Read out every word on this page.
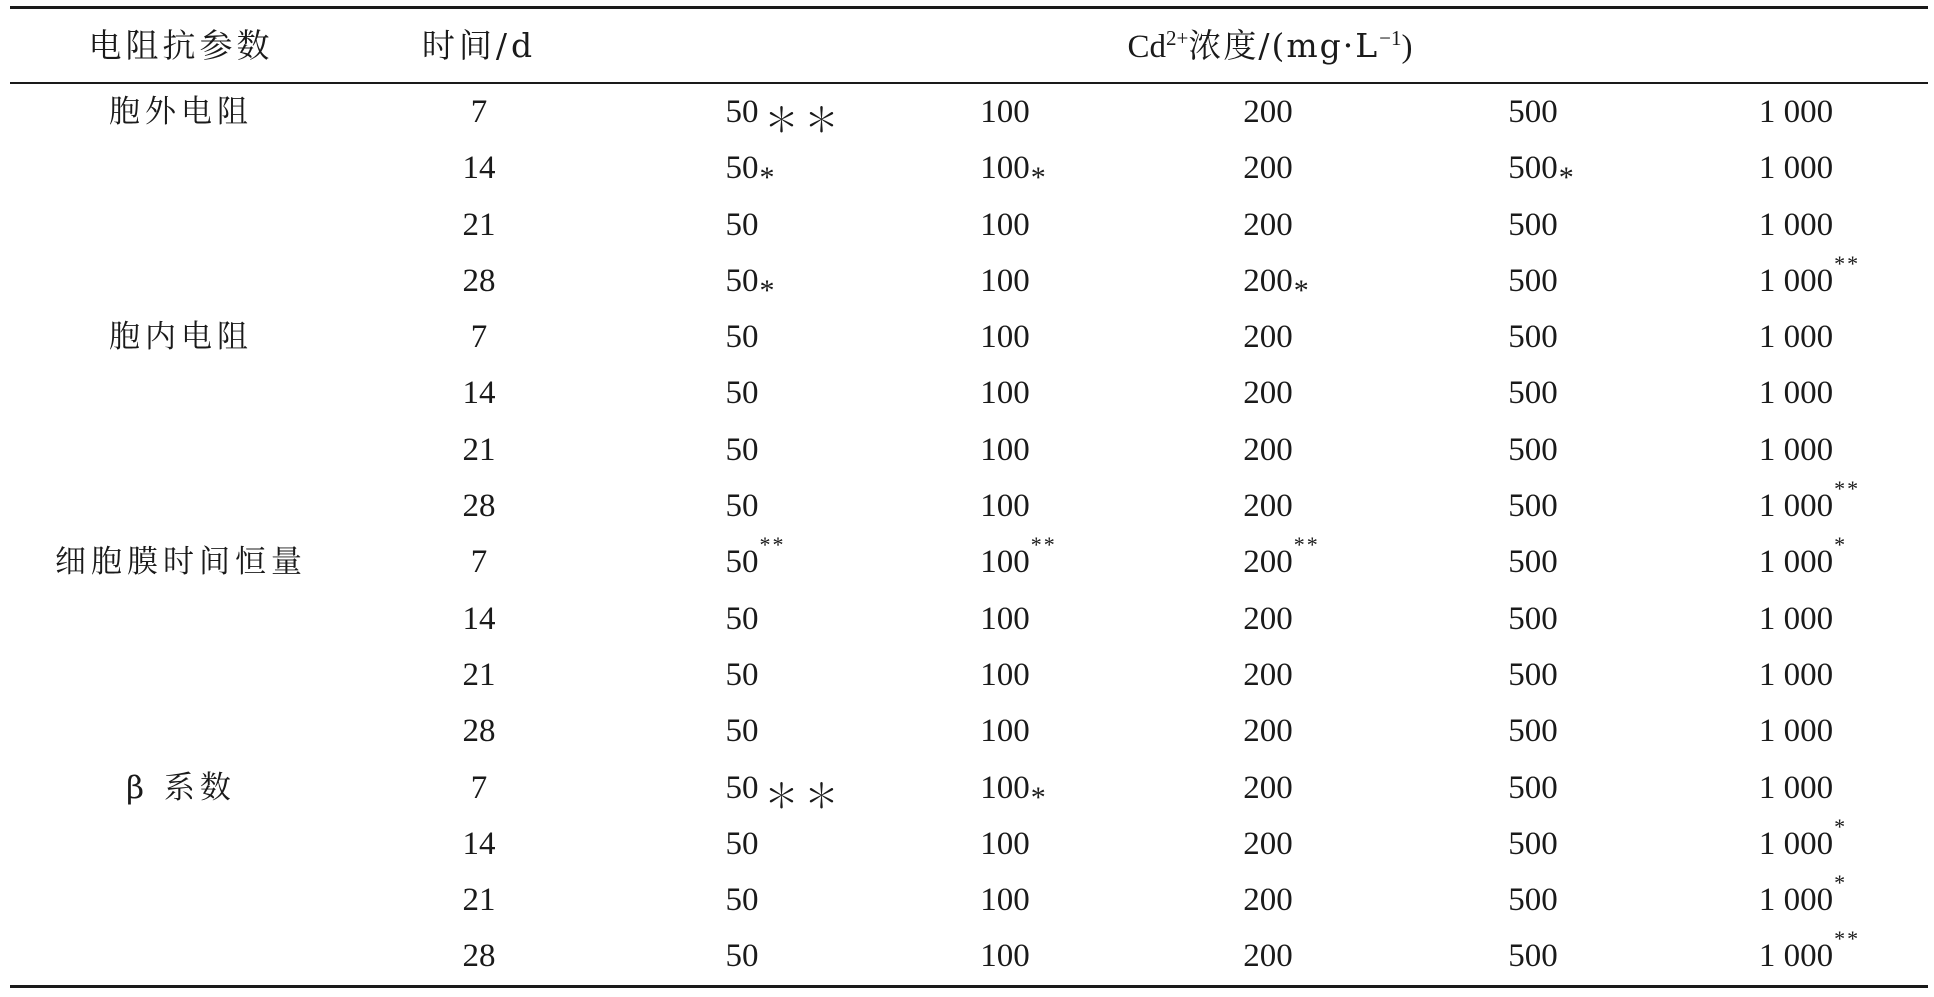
电阻抗参数	时间/d	$Cd^{2+}$浓度$/(mg\cdot L^{-1})$
胞外电阻	7	50 ＊＊	100	200	500	1 000
14	50 *	100 *	200	500 *	1 000
21	50	100	200	500	1 000
28	50 *	100	200 *	500	1 000 **
胞内电阻	7	50	100	200	500	1 000
14	50	100	200	500	1 000
21	50	100	200	500	1 000
28	50	100	200	500	1 000 **
细胞膜时间恒量	7	50 **	100 **	200 **	500	1 000 *
14	50	100	200	500	1 000
21	50	100	200	500	1 000
28	50	100	200	500	1 000
β 系数	7	50 ＊＊	100 *	200	500	1 000
14	50	100	200	500	1 000 *
21	50	100	200	500	1 000 *
28	50	100	200	500	1 000 **
